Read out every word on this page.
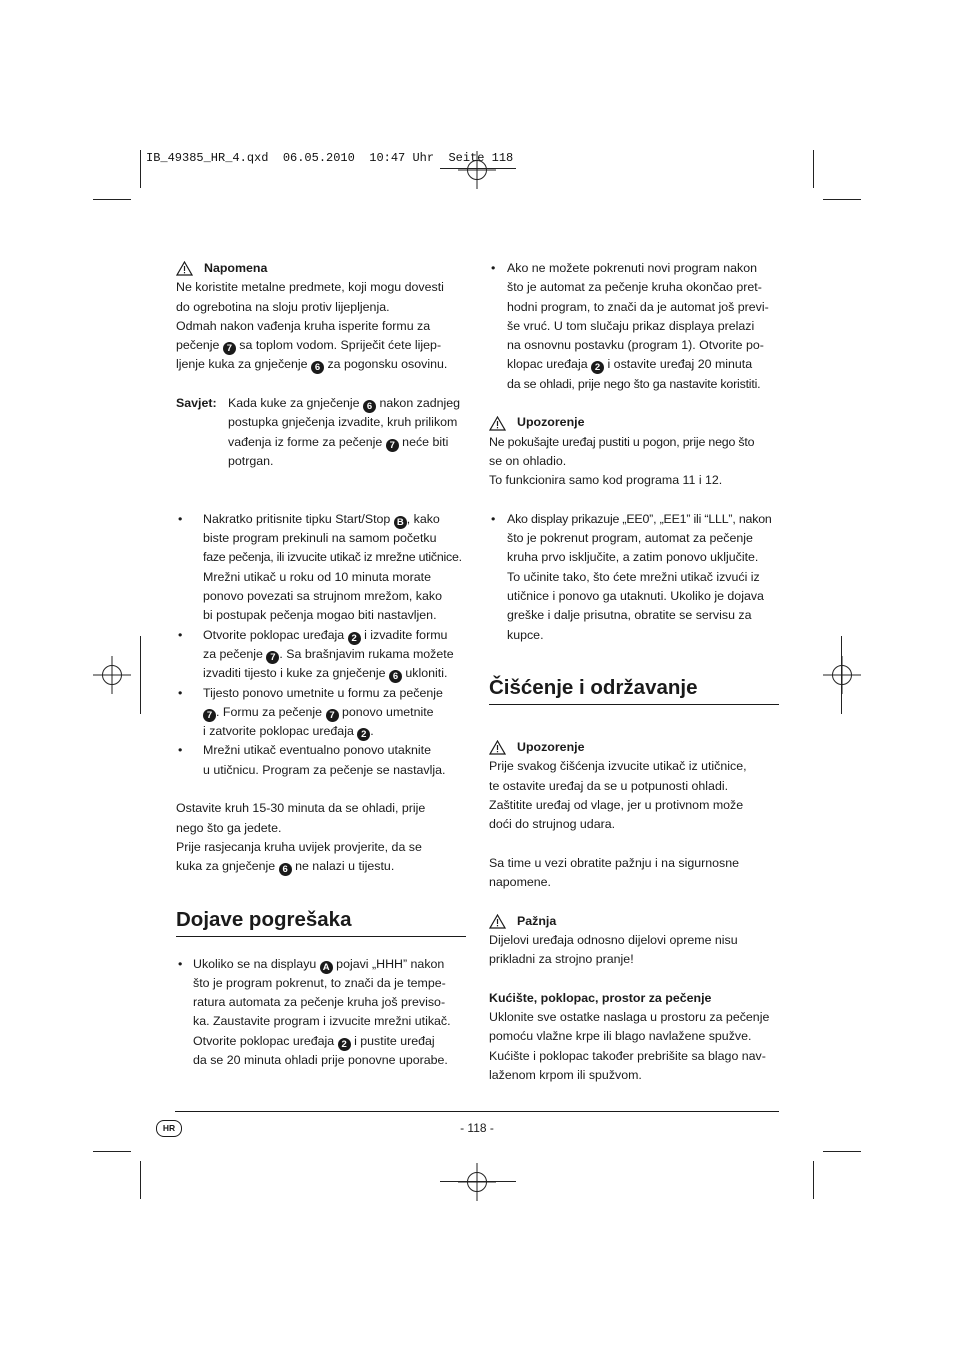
IB_49385_HR_4.qxd  06.05.2010  10:47 Uhr  Seite 118
Napomena

Ne koristite metalne predmete, koji mogu dovesti

do ogrebotina na sloju protiv lijepljenja.

Odmah nakon vađenja kruha isperite formu za

pečenje 7 sa toplom vodom. Spriječit ćete lijep-

ljenje kuka za gnječenje 6 za pogonsku osovinu.

Savjet: Kada kuke za gnječenje 6 nakon zadnjeg

postupka gnječenja izvadite, kruh prilikom

vađenja iz forme za pečenje 7 neće biti

potrgan.

• Nakratko pritisnite tipku Start/Stop B , kako

biste program prekinuli na samom početku

faze pečenja, ili izvucite utikač iz mrežne utičnice.

Mrežni utikač u roku od 10 minuta morate

ponovo povezati sa strujnom mrežom, kako

bi postupak pečenja mogao biti nastavljen.

• Otvorite poklopac uređaja 2 i izvadite formu

za pečenje 7 . Sa brašnjavim rukama možete

izvaditi tijesto i kuke za gnječenje 6 ukloniti.

• Tijesto ponovo umetnite u formu za pečenje

7 . Formu za pečenje 7 ponovo umetnite

i zatvorite poklopac uređaja 2 .

• Mrežni utikač eventualno ponovo utaknite

u utičnicu. Program za pečenje se nastavlja.

Ostavite kruh 15-30 minuta da se ohladi, prije

nego što ga jedete.

Prije rasjecanja kruha uvijek provjerite, da se

kuka za gnječenje 6 ne nalazi u tijestu.

Dojave pogrešaka

• Ukoliko se na displayu A pojavi „HHH” nakon

što je program pokrenut, to znači da je tempe-

ratura automata za pečenje kruha još previso-

ka. Zaustavite program i izvucite mrežni utikač.

Otvorite poklopac uređaja 2 i pustite uređaj

da se 20 minuta ohladi prije ponovne uporabe.

• Ako ne možete pokrenuti novi program nakon

što je automat za pečenje kruha okončao pret-

hodni program, to znači da je automat još previ-

še vruć. U tom slučaju prikaz displaya prelazi

na osnovnu postavku (program 1). Otvorite po-

klopac uređaja 2 i ostavite uređaj 20 minuta

da se ohladi, prije nego što ga nastavite koristiti.

Upozorenje

Ne pokušajte uređaj pustiti u pogon, prije nego što

se on ohladio.

To funkcionira samo kod programa 11 i 12.

• Ako display prikazuje „EE0”, „EE1” ili “LLL”, nakon

što je pokrenut program, automat za pečenje

kruha prvo isključite, a zatim ponovo uključite.

To učinite tako, što ćete mrežni utikač izvući iz

utičnice i ponovo ga utaknuti. Ukoliko je dojava

greške i dalje prisutna, obratite se servisu za

kupce.

Čišćenje i održavanje
Upozorenje

Prije svakog čišćenja izvucite utikač iz utičnice,

te ostavite uređaj da se u potpunosti ohladi.

Zaštitite uređaj od vlage, jer u protivnom može

doći do strujnog udara.

Sa time u vezi obratite pažnju i na sigurnosne

napomene.

Pažnja

Dijelovi uređaja odnosno dijelovi opreme nisu

prikladni za strojno pranje!

Kućište, poklopac, prostor za pečenje

Uklonite sve ostatke naslaga u prostoru za pečenje

pomoću vlažne krpe ili blago navlažene spužve.

Kućište i poklopac također prebrišite sa blago nav-

laženom krpom ili spužvom.

HR	- 118 -
